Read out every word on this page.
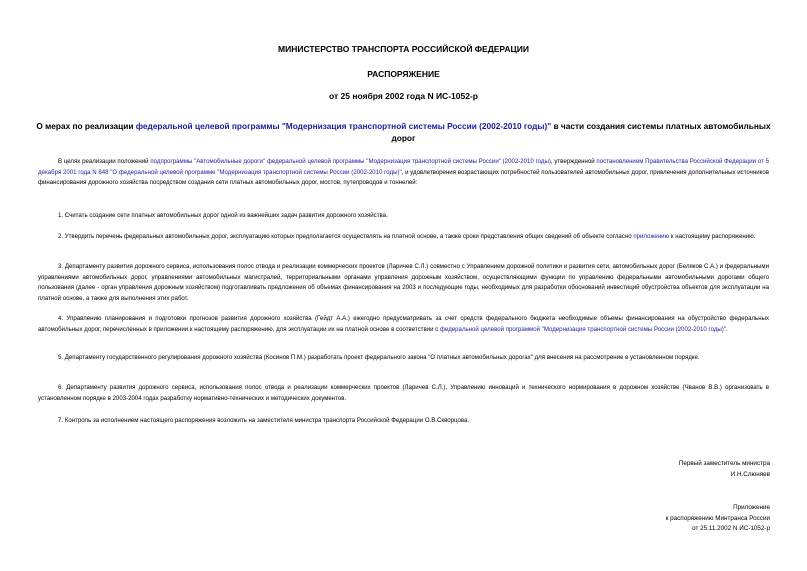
МИНИСТЕРСТВО ТРАНСПОРТА РОССИЙСКОЙ ФЕДЕРАЦИИ
РАСПОРЯЖЕНИЕ
от 25 ноября 2002 года N ИС-1052-р
О мерах по реализации федеральной целевой программы "Модернизация транспортной системы России (2002-2010 годы)" в части создания системы платных автомобильных дорог
В целях реализации положений подпрограммы "Автомобильные дороги" федеральной целевой программы "Модернизация транспортной системы России" (2002-2010 годы), утвержденной постановлением Правительства Российской Федерации от 5 декабря 2001 года N 848 "О федеральной целевой программе "Модернизация транспортной системы России (2002-2010 годы)", и удовлетворения возрастающих потребностей пользователей автомобильных дорог, привлечения дополнительных источников финансирования дорожного хозяйства посредством создания сети платных автомобильных дорог, мостов, путепроводов и тоннелей:
1. Считать создание сети платных автомобильных дорог одной из важнейших задач развития дорожного хозяйства.
2. Утвердить перечень федеральных автомобильных дорог, эксплуатацию которых предполагается осуществлять на платной основе, а также сроки представления общих сведений об объекте согласно приложению к настоящему распоряжению.
3. Департаменту развития дорожного сервиса, использования полос отвода и реализации коммерческих проектов (Ларичев С.Л.) совместно с Управлением дорожной политики и развития сети, автомобильных дорог (Беляков С.А.) и федеральными управлениями автомобильных дорог, управлениями автомобильных магистралей, территориальными органами управления дорожным хозяйством, осуществляющими функции по управлению федеральными автомобильными дорогами общего пользования (далее - орган управления дорожным хозяйством) подготавливать предложения об объемах финансирования на 2003 и последующие годы, необходимых для разработки обоснований инвестиций обустройства объектов для эксплуатации на платной основе, а также для выполнения этих работ.
4. Управлению планирования и подготовки прогнозов развития дорожного хозяйства (Гейдт А.А.) ежегодно предусматривать за счет средств федерального бюджета необходимые объемы финансирования на обустройство федеральных автомобильных дорог, перечисленных в приложении к настоящему распоряжению, для эксплуатации их на платной основе в соответствии с федеральной целевой программой "Модернизация транспортной системы России (2002-2010 годы)".
5. Департаменту государственного регулирования дорожного хозяйства (Косинов П.М.) разработать проект федерального закона "О платных автомобильных дорогах" для внесения на рассмотрение в установленном порядке.
6. Департаменту развития дорожного сервиса, использования полос отвода и реализации коммерческих проектов (Ларичев С.Л.), Управлению инноваций и технического нормирования в дорожном хозяйстве (Чванов В.В.) организовать в установленном порядке в 2003-2004 годах разработку нормативно-технических и методических документов.
7. Контроль за исполнением настоящего распоряжения возложить на заместителя министра транспорта Российской Федерации О.В.Скворцова.
Первый заместитель министра
И.Н.Слюняев
Приложение
к распоряжению Минтранса России
от 25.11.2002 N ИС-1052-р
